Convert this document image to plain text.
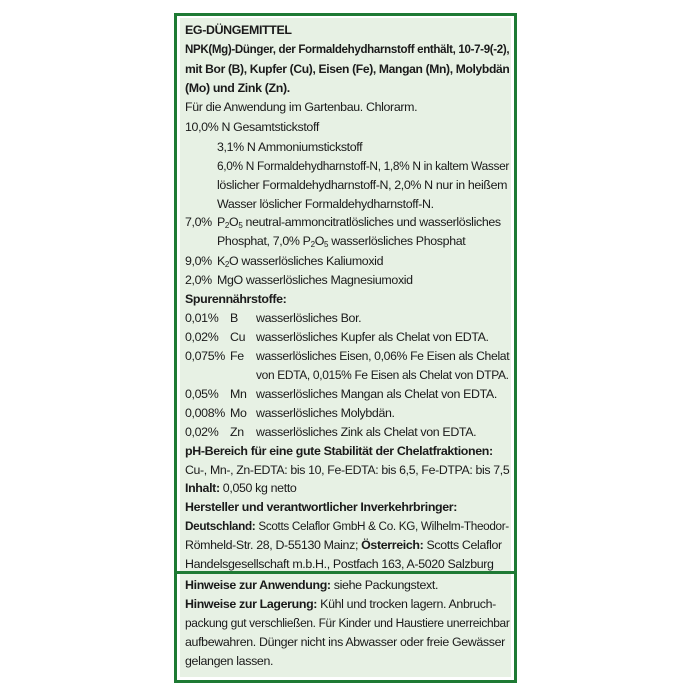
EG-DÜNGEMITTEL
NPK(Mg)-Dünger, der Formaldehydharnstoff enthält, 10-7-9(-2),
mit Bor (B), Kupfer (Cu), Eisen (Fe), Mangan (Mn), Molybdän
(Mo) und Zink (Zn).
Für die Anwendung im Gartenbau. Chlorarm.
10,0% N Gesamtstickstoff
3,1% N Ammoniumstickstoff
6,0% N Formaldehydharnstoff-N, 1,8% N in kaltem Wasser
löslicher Formaldehydharnstoff-N, 2,0% N nur in heißem
Wasser löslicher Formaldehydharnstoff-N.
7,0% $P_2O_5$ neutral-ammoncitratlösliches und wasserlösliches
Phosphat, 7,0% $P_2O_5$ wasserlösliches Phosphat
9,0% $K_2O$ wasserlösliches Kaliumoxid
2,0% MgO wasserlösliches Magnesiumoxid
Spurennährstoffe:
0,01% B wasserlösliches Bor.
0,02% Cu wasserlösliches Kupfer als Chelat von EDTA.
0,075% Fe wasserlösliches Eisen, 0,06% Fe Eisen als Chelat
von EDTA, 0,015% Fe Eisen als Chelat von DTPA.
0,05% Mn wasserlösliches Mangan als Chelat von EDTA.
0,008% Mo wasserlösliches Molybdän.
0,02% Zn wasserlösliches Zink als Chelat von EDTA.
pH-Bereich für eine gute Stabilität der Chelatfraktionen:
Cu-, Mn-, Zn-EDTA: bis 10, Fe-EDTA: bis 6,5, Fe-DTPA: bis 7,5
Inhalt: 0,050 kg netto
Hersteller und verantwortlicher Inverkehrbringer:
Deutschland: Scotts Celaflor GmbH & Co. KG, Wilhelm-Theodor-
Römheld-Str. 28, D-55130 Mainz; Österreich: Scotts Celaflor
Handelsgesellschaft m.b.H., Postfach 163, A-5020 Salzburg
Hinweise zur Anwendung: siehe Packungstext.
Hinweise zur Lagerung: Kühl und trocken lagern. Anbruch-
packung gut verschließen. Für Kinder und Haustiere unerreichbar
aufbewahren. Dünger nicht ins Abwasser oder freie Gewässer
gelangen lassen.
